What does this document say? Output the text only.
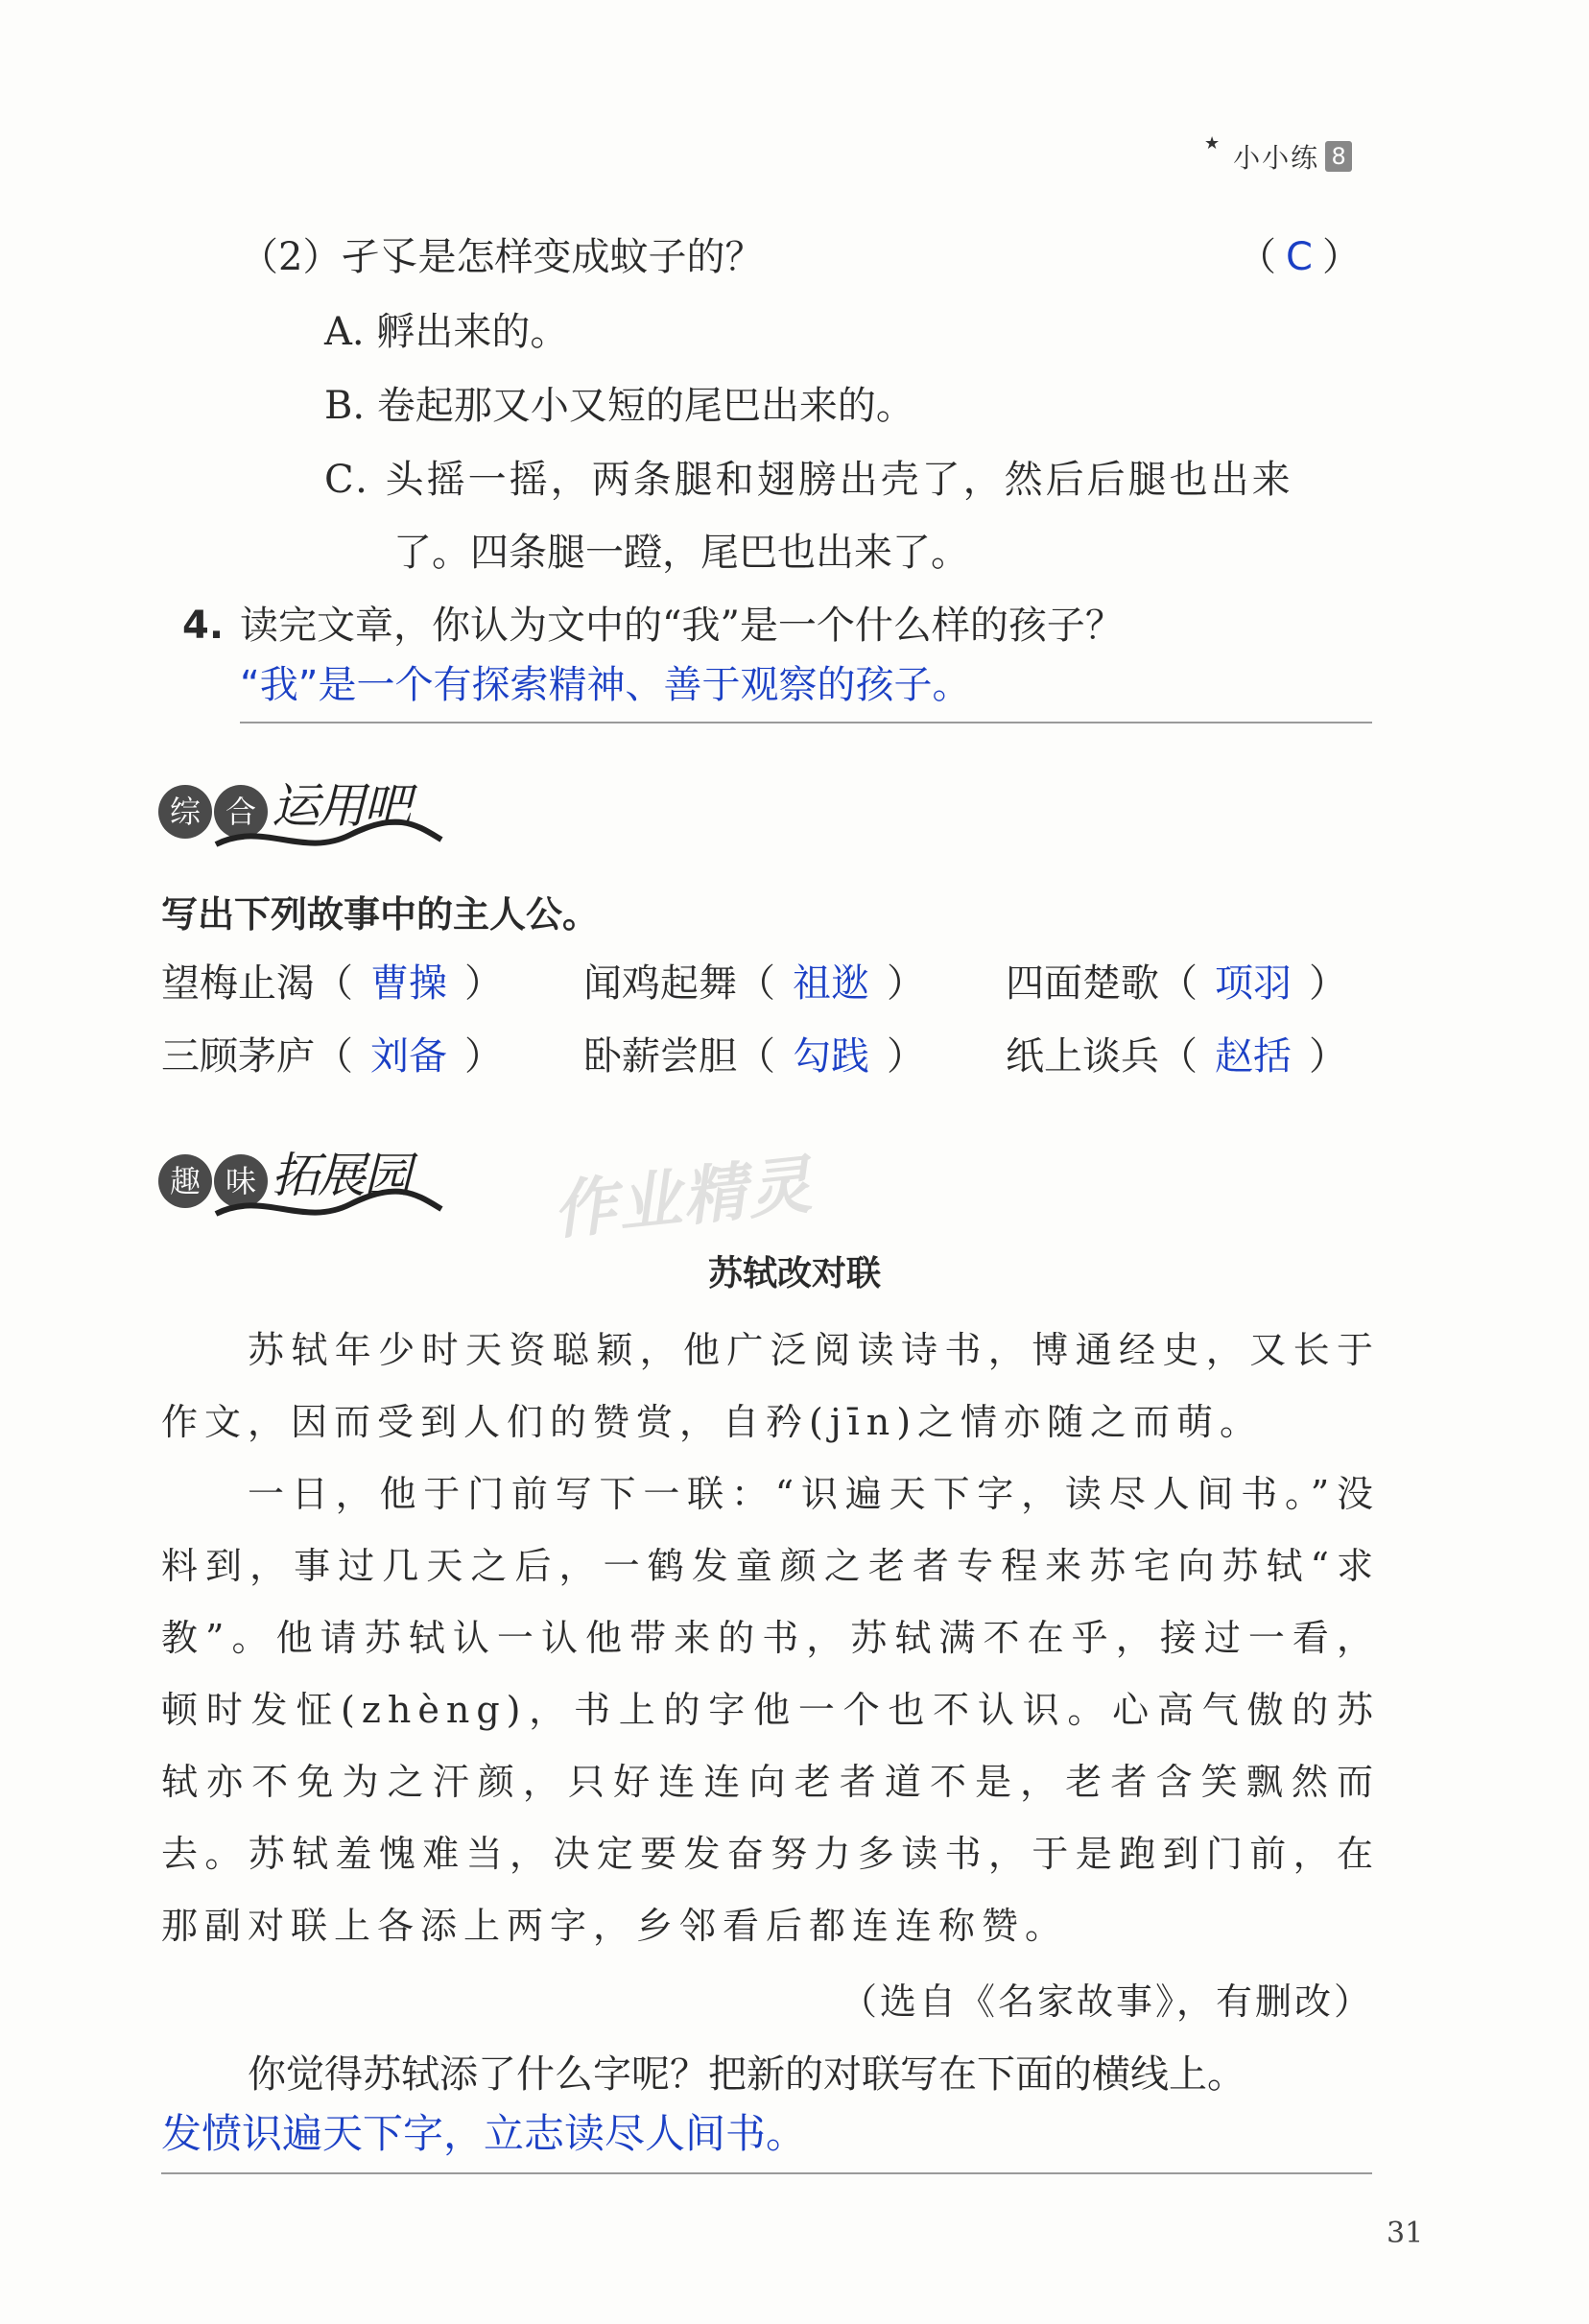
★ 小小练 8
（2）孑孓是怎样变成蚊子的？	（ C ）
A. 孵出来的。
B. 卷起那又小又短的尾巴出来的。
C. 头摇一摇，两条腿和翅膀出壳了，然后后腿也出来
了。四条腿一蹬，尾巴也出来了。
4. 读完文章，你认为文中的“我”是一个什么样的孩子？
“我”是一个有探索精神、善于观察的孩子。
综 合 运用吧
写出下列故事中的主人公。
望梅止渴（ 曹操 ）	闻鸡起舞（ 祖逖 ）	四面楚歌（ 项羽 ）
三顾茅庐（ 刘备 ）	卧薪尝胆（ 勾践 ）	纸上谈兵（ 赵括 ）
趣 味 拓展园 作业精灵
苏轼改对联

苏轼年少时天资聪颖，他广泛阅读诗书，博通经史，又长于作文，因而受到人们的赞赏，自矜(jīn)之情亦随之而萌。

一日，他于门前写下一联：“识遍天下字，读尽人间书。”没料到，事过几天之后，一鹤发童颜之老者专程来苏宅向苏轼“求教”。他请苏轼认一认他带来的书，苏轼满不在乎，接过一看，顿时发怔(zhèng)，书上的字他一个也不认识。心高气傲的苏轼亦不免为之汗颜，只好连连向老者道不是，老者含笑飘然而去。苏轼羞愧难当，决定要发奋努力多读书，于是跑到门前，在那副对联上各添上两字，乡邻看后都连连称赞。

（选自《名家故事》，有删改）
你觉得苏轼添了什么字呢？把新的对联写在下面的横线上。
发愤识遍天下字，立志读尽人间书。
31
